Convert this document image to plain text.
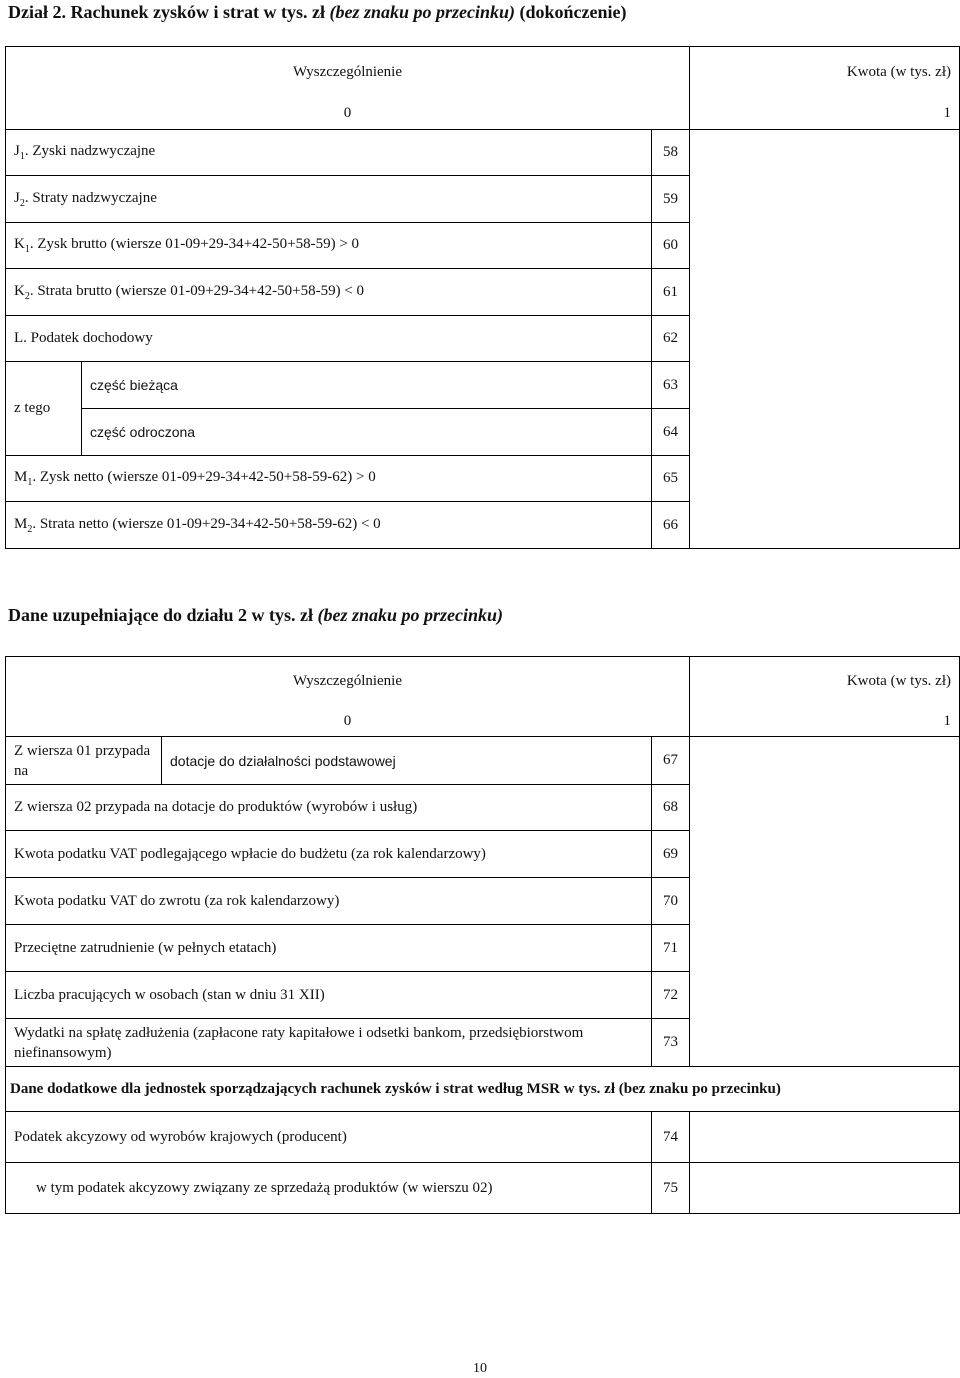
Dział 2. Rachunek zysków i strat w tys. zł (bez znaku po przecinku) (dokończenie)
Wyszczególnienie			Kwota (w tys. zł)
0			1
$J_1$. Zyski nadzwyczajne		58	
$J_2$. Straty nadzwyczajne		59	
$K_1$. Zysk brutto (wiersze 01-09+29-34+42-50+58-59) > 0		60	
$K_2$. Strata brutto (wiersze 01-09+29-34+42-50+58-59) < 0		61	
L. Podatek dochodowy		62	
z tego	część bieżąca	63	
	część odroczona	64	
$M_1$. Zysk netto (wiersze 01-09+29-34+42-50+58-59-62) > 0		65	
$M_2$. Strata netto (wiersze 01-09+29-34+42-50+58-59-62) < 0		66	
Dane uzupełniające do działu 2 w tys. zł (bez znaku po przecinku)
Wyszczególnienie			Kwota (w tys. zł)
0			1
Z wiersza 01 przypada na	dotacje do działalności podstawowej	67	
Z wiersza 02 przypada na dotacje do produktów (wyrobów i usług)		68	
Kwota podatku VAT podlegającego wpłacie do budżetu (za rok kalendarzowy)		69	
Kwota podatku VAT do zwrotu (za rok kalendarzowy)		70	
Przeciętne zatrudnienie (w pełnych etatach)		71	
Liczba pracujących w osobach (stan w dniu 31 XII)		72	
Wydatki na spłatę zadłużenia (zapłacone raty kapitałowe i odsetki bankom, przedsiębiorstwom niefinansowym)		73	
Dane dodatkowe dla jednostek sporządzających rachunek zysków i strat według MSR w tys. zł (bez znaku po przecinku)			
Podatek akcyzowy od wyrobów krajowych (producent)		74	
w tym podatek akcyzowy związany ze sprzedażą produktów (w wierszu 02)		75	
10
